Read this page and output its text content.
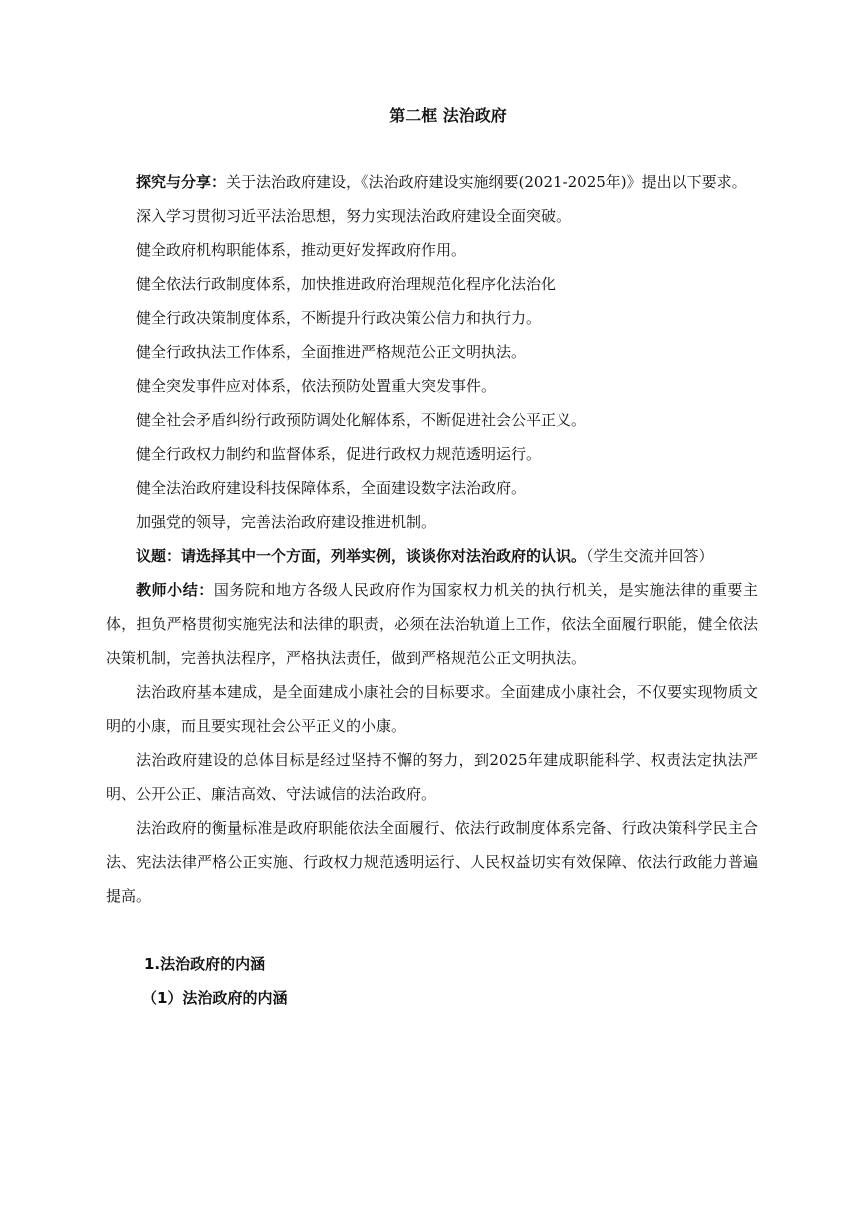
第二框 法治政府

探究与分享：关于法治政府建设，《法治政府建设实施纲要(2021-2025年)》提出以下要求。

深入学习贯彻习近平法治思想，努力实现法治政府建设全面突破。

健全政府机构职能体系，推动更好发挥政府作用。

健全依法行政制度体系，加快推进政府治理规范化程序化法治化

健全行政决策制度体系，不断提升行政决策公信力和执行力。

健全行政执法工作体系，全面推进严格规范公正文明执法。

健全突发事件应对体系，依法预防处置重大突发事件。

健全社会矛盾纠纷行政预防调处化解体系，不断促进社会公平正义。

健全行政权力制约和监督体系，促进行政权力规范透明运行。

健全法治政府建设科技保障体系，全面建设数字法治政府。

加强党的领导，完善法治政府建设推进机制。

议题：请选择其中一个方面，列举实例，谈谈你对法治政府的认识。（学生交流并回答）

教师小结：国务院和地方各级人民政府作为国家权力机关的执行机关，是实施法律的重要主体，担负严格贯彻实施宪法和法律的职责，必须在法治轨道上工作，依法全面履行职能，健全依法决策机制，完善执法程序，严格执法责任，做到严格规范公正文明执法。

法治政府基本建成，是全面建成小康社会的目标要求。全面建成小康社会，不仅要实现物质文明的小康，而且要实现社会公平正义的小康。

法治政府建设的总体目标是经过坚持不懈的努力，到2025年建成职能科学、权责法定执法严明、公开公正、廉洁高效、守法诚信的法治政府。

法治政府的衡量标准是政府职能依法全面履行、依法行政制度体系完备、行政决策科学民主合法、宪法法律严格公正实施、行政权力规范透明运行、人民权益切实有效保障、依法行政能力普遍提高。

1.法治政府的内涵

（1）法治政府的内涵
